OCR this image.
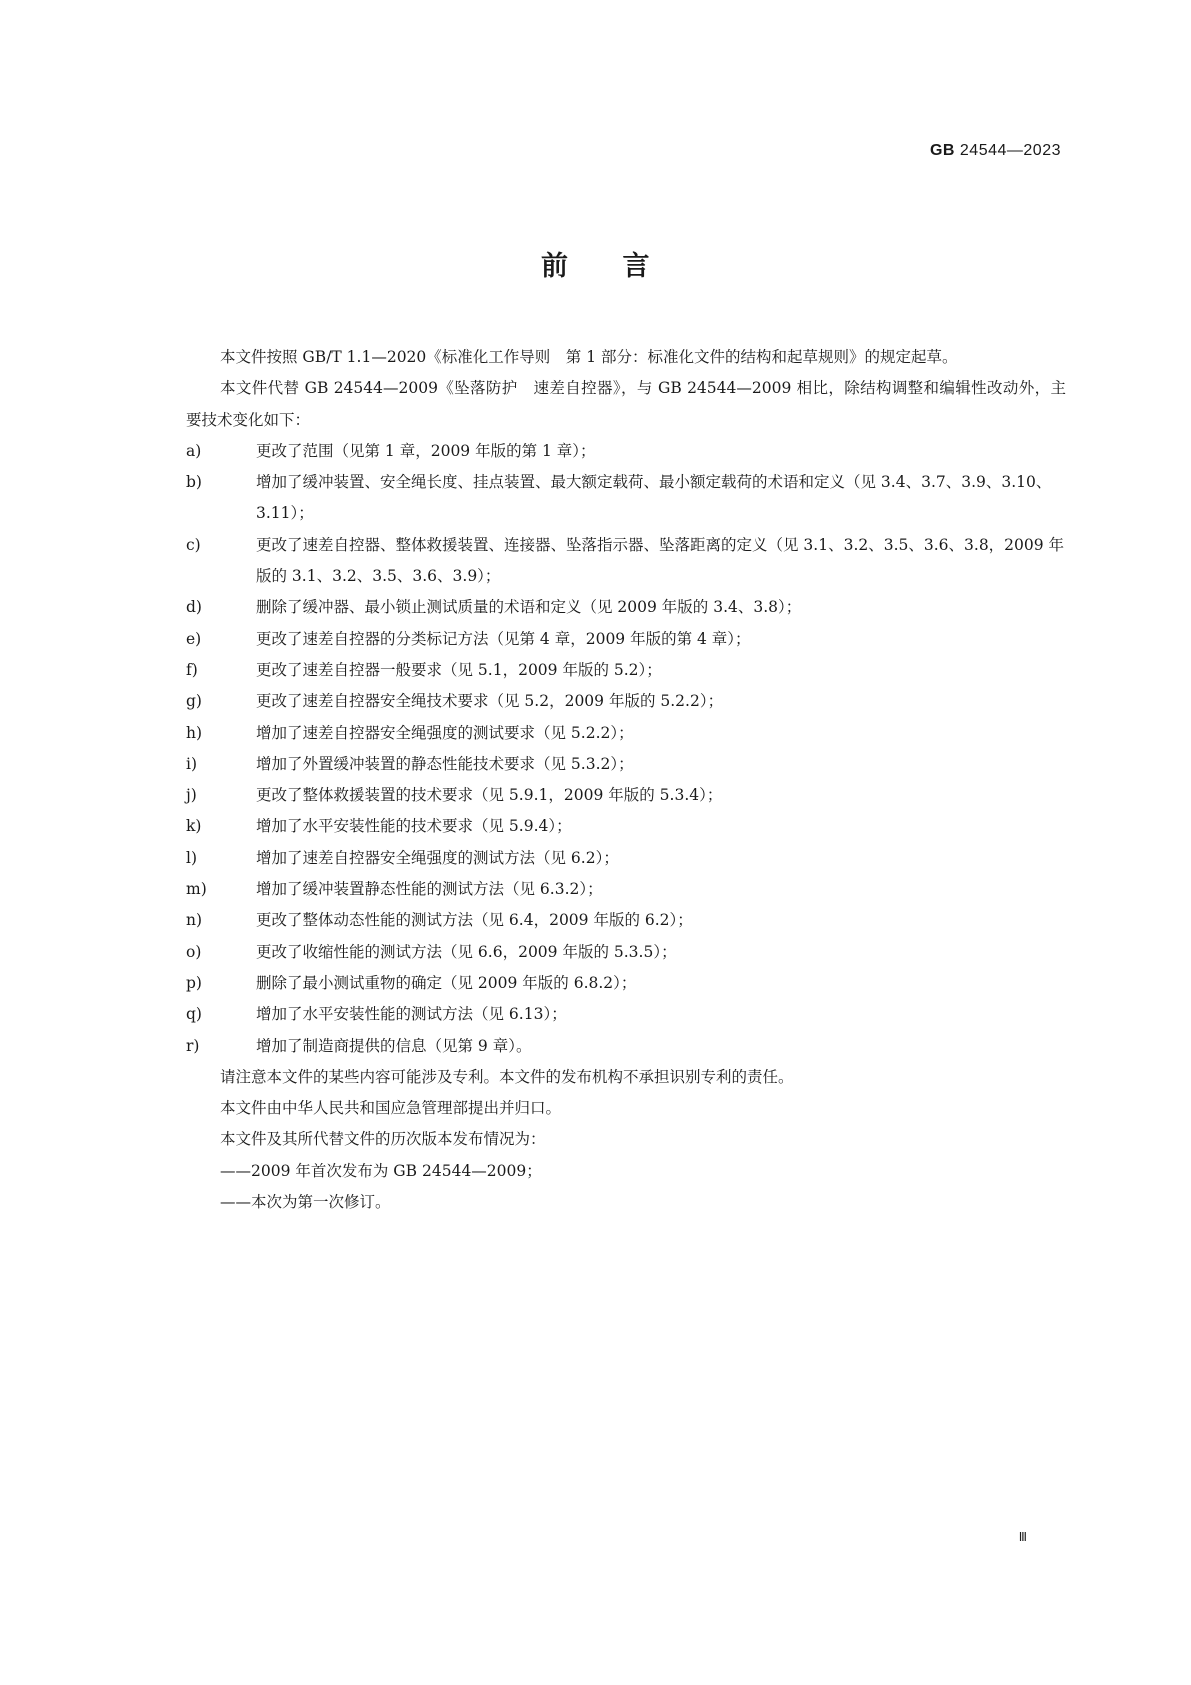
GB 24544—2023
前 言

本文件按照 GB/T 1.1—2020《标准化工作导则　第 1 部分：标准化文件的结构和起草规则》的规定起草。

本文件代替 GB 24544—2009《坠落防护　速差自控器》，与 GB 24544—2009 相比，除结构调整和编辑性改动外，主要技术变化如下：

a)	更改了范围（见第 1 章，2009 年版的第 1 章）；

b)	增加了缓冲装置、安全绳长度、挂点装置、最大额定载荷、最小额定载荷的术语和定义（见 3.4、3.7、3.9、3.10、3.11）；

c)	更改了速差自控器、整体救援装置、连接器、坠落指示器、坠落距离的定义（见 3.1、3.2、3.5、3.6、3.8，2009 年版的 3.1、3.2、3.5、3.6、3.9）；

d)	删除了缓冲器、最小锁止测试质量的术语和定义（见 2009 年版的 3.4、3.8）；

e)	更改了速差自控器的分类标记方法（见第 4 章，2009 年版的第 4 章）；

f)	更改了速差自控器一般要求（见 5.1，2009 年版的 5.2）；

g)	更改了速差自控器安全绳技术要求（见 5.2，2009 年版的 5.2.2）；

h)	增加了速差自控器安全绳强度的测试要求（见 5.2.2）；

i)	增加了外置缓冲装置的静态性能技术要求（见 5.3.2）；

j)	更改了整体救援装置的技术要求（见 5.9.1，2009 年版的 5.3.4）；

k)	增加了水平安装性能的技术要求（见 5.9.4）；

l)	增加了速差自控器安全绳强度的测试方法（见 6.2）；

m)	增加了缓冲装置静态性能的测试方法（见 6.3.2）；

n)	更改了整体动态性能的测试方法（见 6.4，2009 年版的 6.2）；

o)	更改了收缩性能的测试方法（见 6.6，2009 年版的 5.3.5）；

p)	删除了最小测试重物的确定（见 2009 年版的 6.8.2）；

q)	增加了水平安装性能的测试方法（见 6.13）；

r)	增加了制造商提供的信息（见第 9 章）。

请注意本文件的某些内容可能涉及专利。本文件的发布机构不承担识别专利的责任。

本文件由中华人民共和国应急管理部提出并归口。

本文件及其所代替文件的历次版本发布情况为：

——2009 年首次发布为 GB 24544—2009；

——本次为第一次修订。

Ⅲ
